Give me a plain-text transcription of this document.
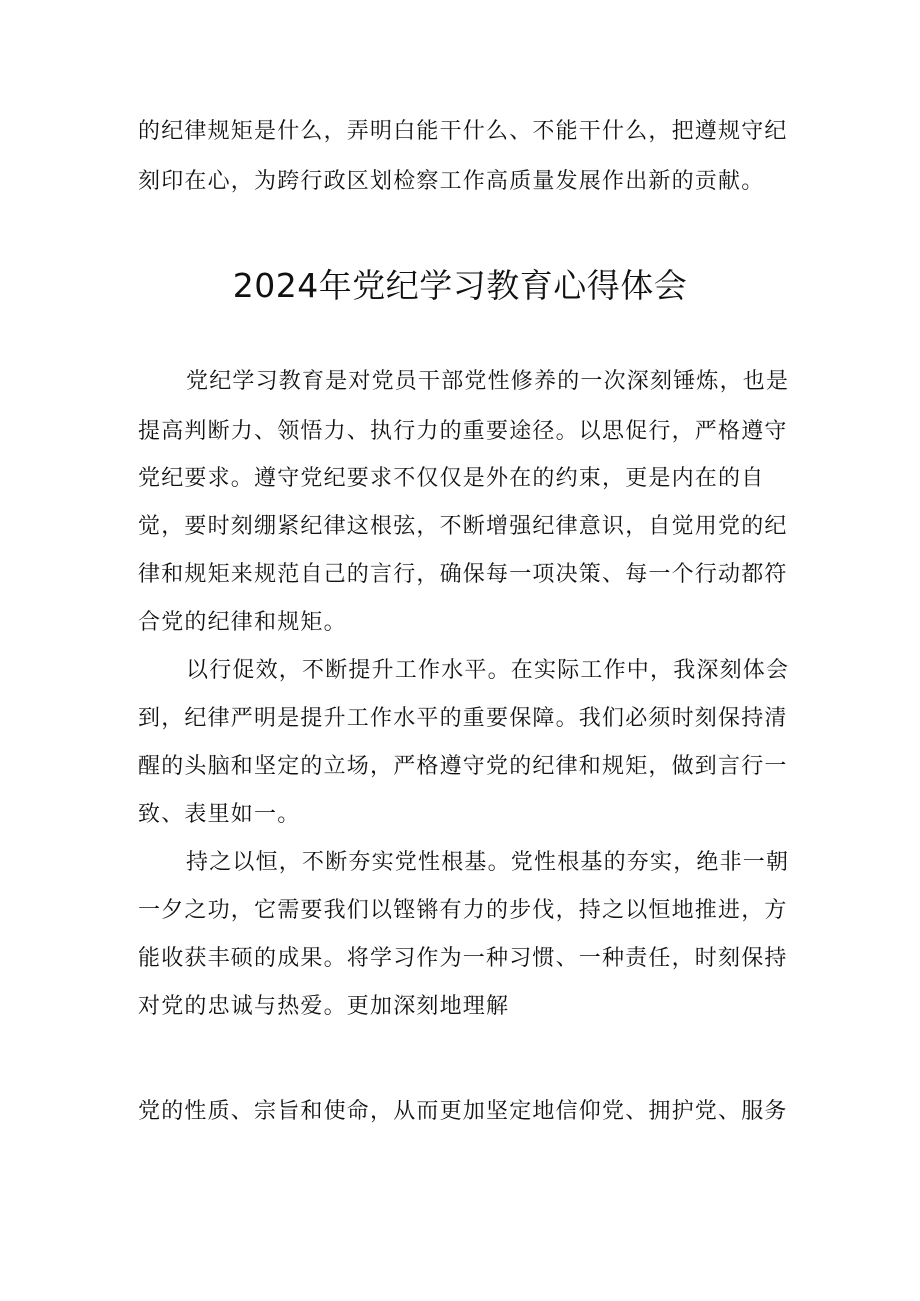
的纪律规矩是什么，弄明白能干什么、不能干什么，把遵规守纪
刻印在心，为跨行政区划检察工作高质量发展作出新的贡献。
2024年党纪学习教育心得体会
党纪学习教育是对党员干部党性修养的一次深刻锤炼，也是
提高判断力、领悟力、执行力的重要途径。以思促行，严格遵守
党纪要求。遵守党纪要求不仅仅是外在的约束，更是内在的自
觉，要时刻绷紧纪律这根弦，不断增强纪律意识，自觉用党的纪
律和规矩来规范自己的言行，确保每一项决策、每一个行动都符
合党的纪律和规矩。
以行促效，不断提升工作水平。在实际工作中，我深刻体会
到，纪律严明是提升工作水平的重要保障。我们必须时刻保持清
醒的头脑和坚定的立场，严格遵守党的纪律和规矩，做到言行一
致、表里如一。
持之以恒，不断夯实党性根基。党性根基的夯实，绝非一朝
一夕之功，它需要我们以铿锵有力的步伐，持之以恒地推进，方
能收获丰硕的成果。将学习作为一种习惯、一种责任，时刻保持
对党的忠诚与热爱。更加深刻地理解
党的性质、宗旨和使命，从而更加坚定地信仰党、拥护党、服务
